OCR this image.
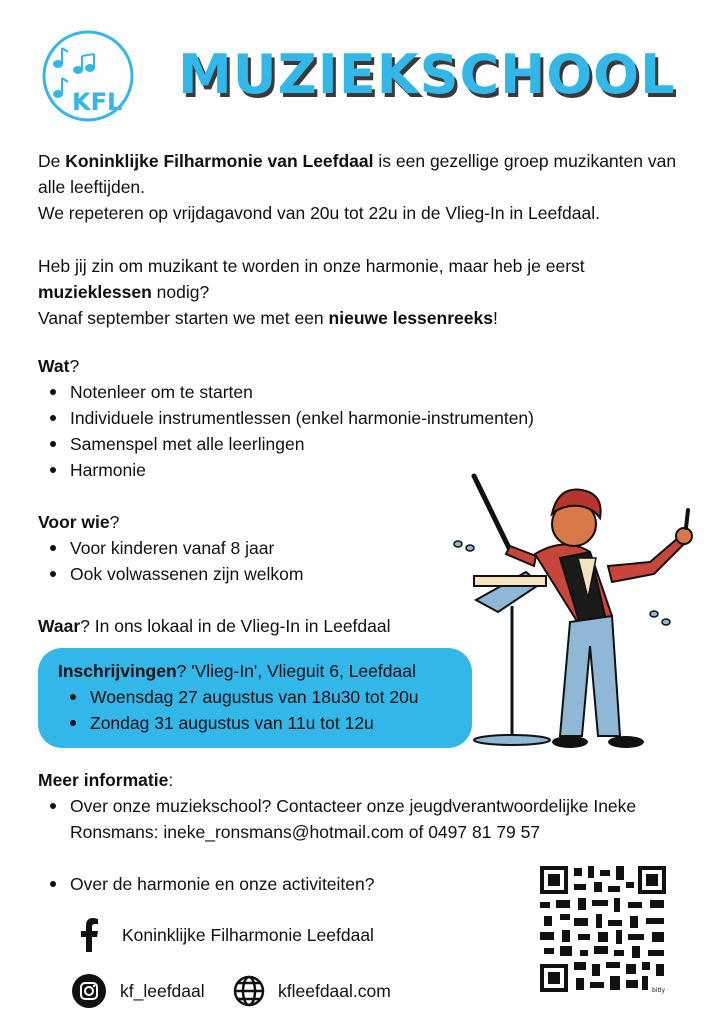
KFL MUZIEKSCHOOL

De Koninklijke Filharmonie van Leefdaal is een gezellige groep muzikanten van alle leeftijden.
We repeteren op vrijdagavond van 20u tot 22u in de Vlieg-In in Leefdaal.

Heb jij zin om muzikant te worden in onze harmonie, maar heb je eerst muzieklessen nodig?
Vanaf september starten we met een nieuwe lessenreeks!

Wat?
Notenleer om te starten
Individuele instrumentlessen (enkel harmonie-instrumenten)
Samenspel met alle leerlingen
Harmonie
Voor wie?
Voor kinderen vanaf 8 jaar
Ook volwassenen zijn welkom
Waar? In ons lokaal in de Vlieg-In in Leefdaal
Inschrijvingen? 'Vlieg-In', Vlieguit 6, Leefdaal
Woensdag 27 augustus van 18u30 tot 20u
Zondag 31 augustus van 11u tot 12u
Meer informatie:
Over onze muziekschool? Contacteer onze jeugdverantwoordelijke Ineke Ronsmans: ineke_ronsmans@hotmail.com of 0497 81 79 57
Over de harmonie en onze activiteiten?
Koninklijke Filharmonie Leefdaal
kf_leefdaal	kfleefdaal.com	bitly
